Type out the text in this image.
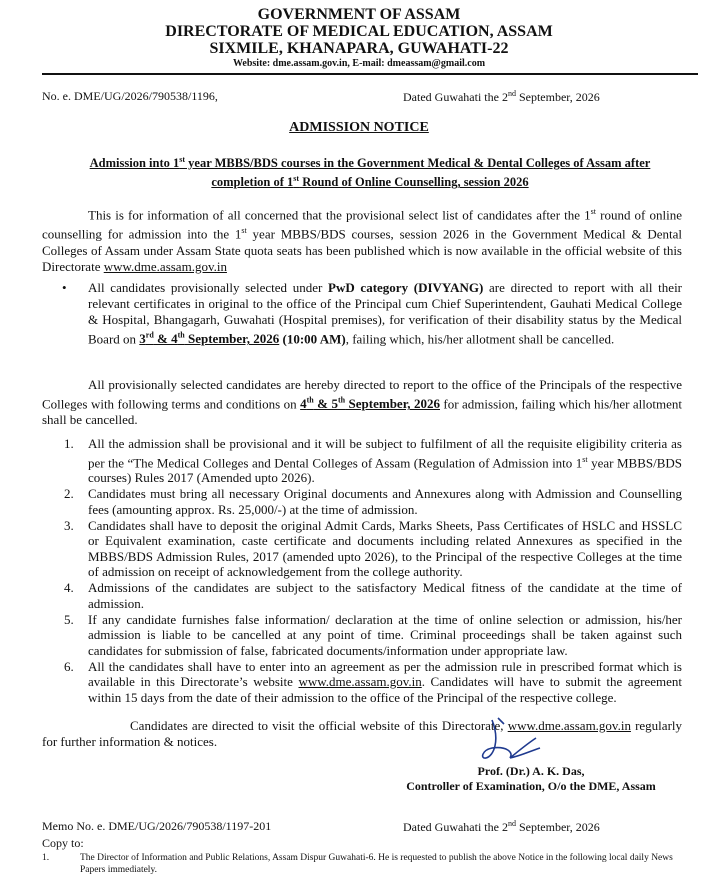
GOVERNMENT OF ASSAM
DIRECTORATE OF MEDICAL EDUCATION, ASSAM
SIXMILE, KHANAPARA, GUWAHATI-22
Website: dme.assam.gov.in, E-mail: dmeassam@gmail.com
No. e. DME/UG/2026/790538/1196,	Dated Guwahati the 2nd September, 2026
ADMISSION NOTICE
Admission into 1st year MBBS/BDS courses in the Government Medical & Dental Colleges of Assam after completion of 1st Round of Online Counselling, session 2026
This is for information of all concerned that the provisional select list of candidates after the 1st round of online counselling for admission into the 1st year MBBS/BDS courses, session 2026 in the Government Medical & Dental Colleges of Assam under Assam State quota seats has been published which is now available in the official website of this Directorate www.dme.assam.gov.in
• All candidates provisionally selected under PwD category (DIVYANG) are directed to report with all their relevant certificates in original to the office of the Principal cum Chief Superintendent, Gauhati Medical College & Hospital, Bhangagarh, Guwahati (Hospital premises), for verification of their disability status by the Medical Board on 3rd & 4th September, 2026 (10:00 AM), failing which, his/her allotment shall be cancelled.
All provisionally selected candidates are hereby directed to report to the office of the Principals of the respective Colleges with following terms and conditions on 4th & 5th September, 2026 for admission, failing which his/her allotment shall be cancelled.
1. All the admission shall be provisional and it will be subject to fulfilment of all the requisite eligibility criteria as per the “The Medical Colleges and Dental Colleges of Assam (Regulation of Admission into 1st year MBBS/BDS courses) Rules 2017 (Amended upto 2026).
2. Candidates must bring all necessary Original documents and Annexures along with Admission and Counselling fees (amounting approx. Rs. 25,000/-) at the time of admission.
3. Candidates shall have to deposit the original Admit Cards, Marks Sheets, Pass Certificates of HSLC and HSSLC or Equivalent examination, caste certificate and documents including related Annexures as specified in the MBBS/BDS Admission Rules, 2017 (amended upto 2026), to the Principal of the respective Colleges at the time of admission on receipt of acknowledgement from the college authority.
4. Admissions of the candidates are subject to the satisfactory Medical fitness of the candidate at the time of admission.
5. If any candidate furnishes false information/ declaration at the time of online selection or admission, his/her admission is liable to be cancelled at any point of time. Criminal proceedings shall be taken against such candidates for submission of false, fabricated documents/information under appropriate law.
6. All the candidates shall have to enter into an agreement as per the admission rule in prescribed format which is available in this Directorate’s website www.dme.assam.gov.in. Candidates will have to submit the agreement within 15 days from the date of their admission to the office of the Principal of the respective college.
Candidates are directed to visit the official website of this Directorate, www.dme.assam.gov.in regularly for further information & notices.
Prof. (Dr.) A. K. Das,
Controller of Examination, O/o the DME, Assam
Memo No. e. DME/UG/2026/790538/1197-201	Dated Guwahati the 2nd September, 2026
Copy to:
1.	The Director of Information and Public Relations, Assam Dispur Guwahati-6. He is requested to publish the above Notice in the following local daily News Papers immediately.
